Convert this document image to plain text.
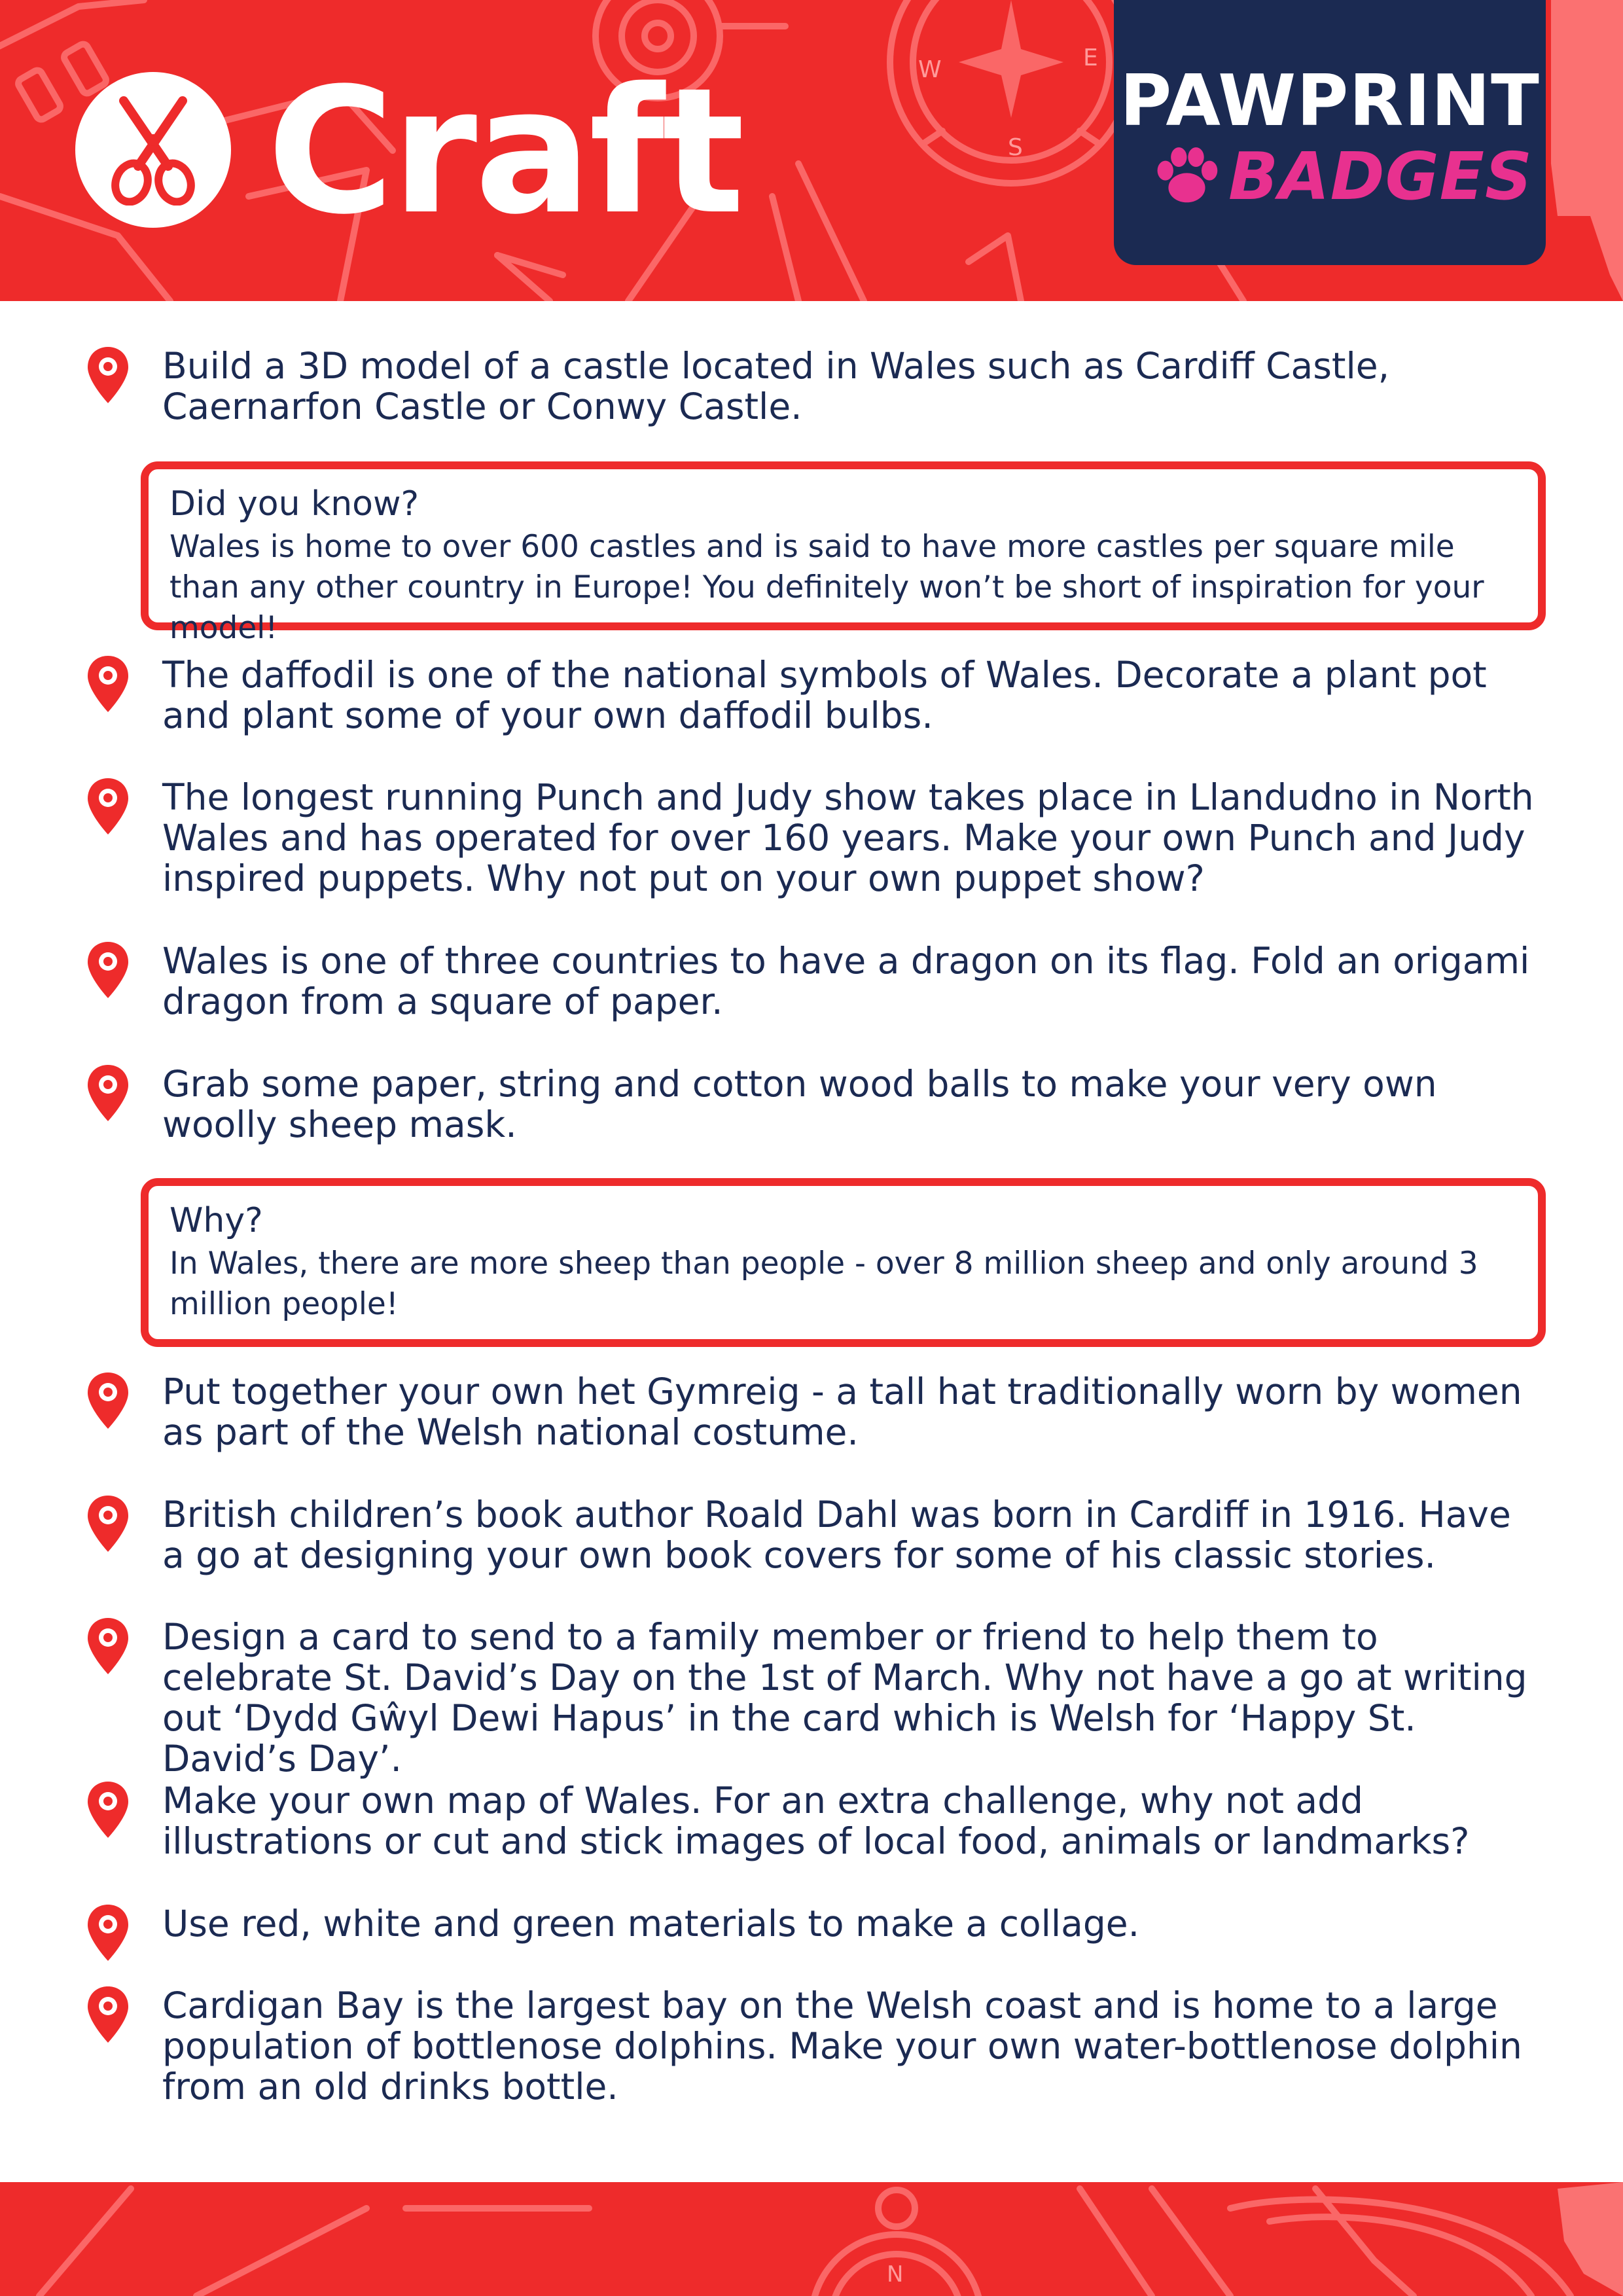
W	E
S
Craft	PAWPRINT
BADGES
Build a 3D model of a castle located in Wales such as Cardiff Castle, Caernarfon Castle or Conwy Castle.
Did you know?
Wales is home to over 600 castles and is said to have more castles per square mile than any other country in Europe! You definitely won’t be short of inspiration for your model!
The daffodil is one of the national symbols of Wales. Decorate a plant pot and plant some of your own daffodil bulbs.
The longest running Punch and Judy show takes place in Llandudno in North Wales and has operated for over 160 years. Make your own Punch and Judy inspired puppets. Why not put on your own puppet show?
Wales is one of three countries to have a dragon on its flag. Fold an origami dragon from a square of paper.
Grab some paper, string and cotton wood balls to make your very own woolly sheep mask.
Why?
In Wales, there are more sheep than people - over 8 million sheep and only around 3 million people!
Put together your own het Gymreig - a tall hat traditionally worn by women as part of the Welsh national costume.
British children’s book author Roald Dahl was born in Cardiff in 1916. Have a go at designing your own book covers for some of his classic stories.
Design a card to send to a family member or friend to help them to celebrate St. David’s Day on the 1st of March. Why not have a go at writing out ‘Dydd Gŵyl Dewi Hapus’ in the card which is Welsh for ‘Happy St. David’s Day’.
Make your own map of Wales. For an extra challenge, why not add illustrations or cut and stick images of local food, animals or landmarks?
Use red, white and green materials to make a collage.
Cardigan Bay is the largest bay on the Welsh coast and is home to a large population of bottlenose dolphins. Make your own water-bottlenose dolphin from an old drinks bottle.
N
